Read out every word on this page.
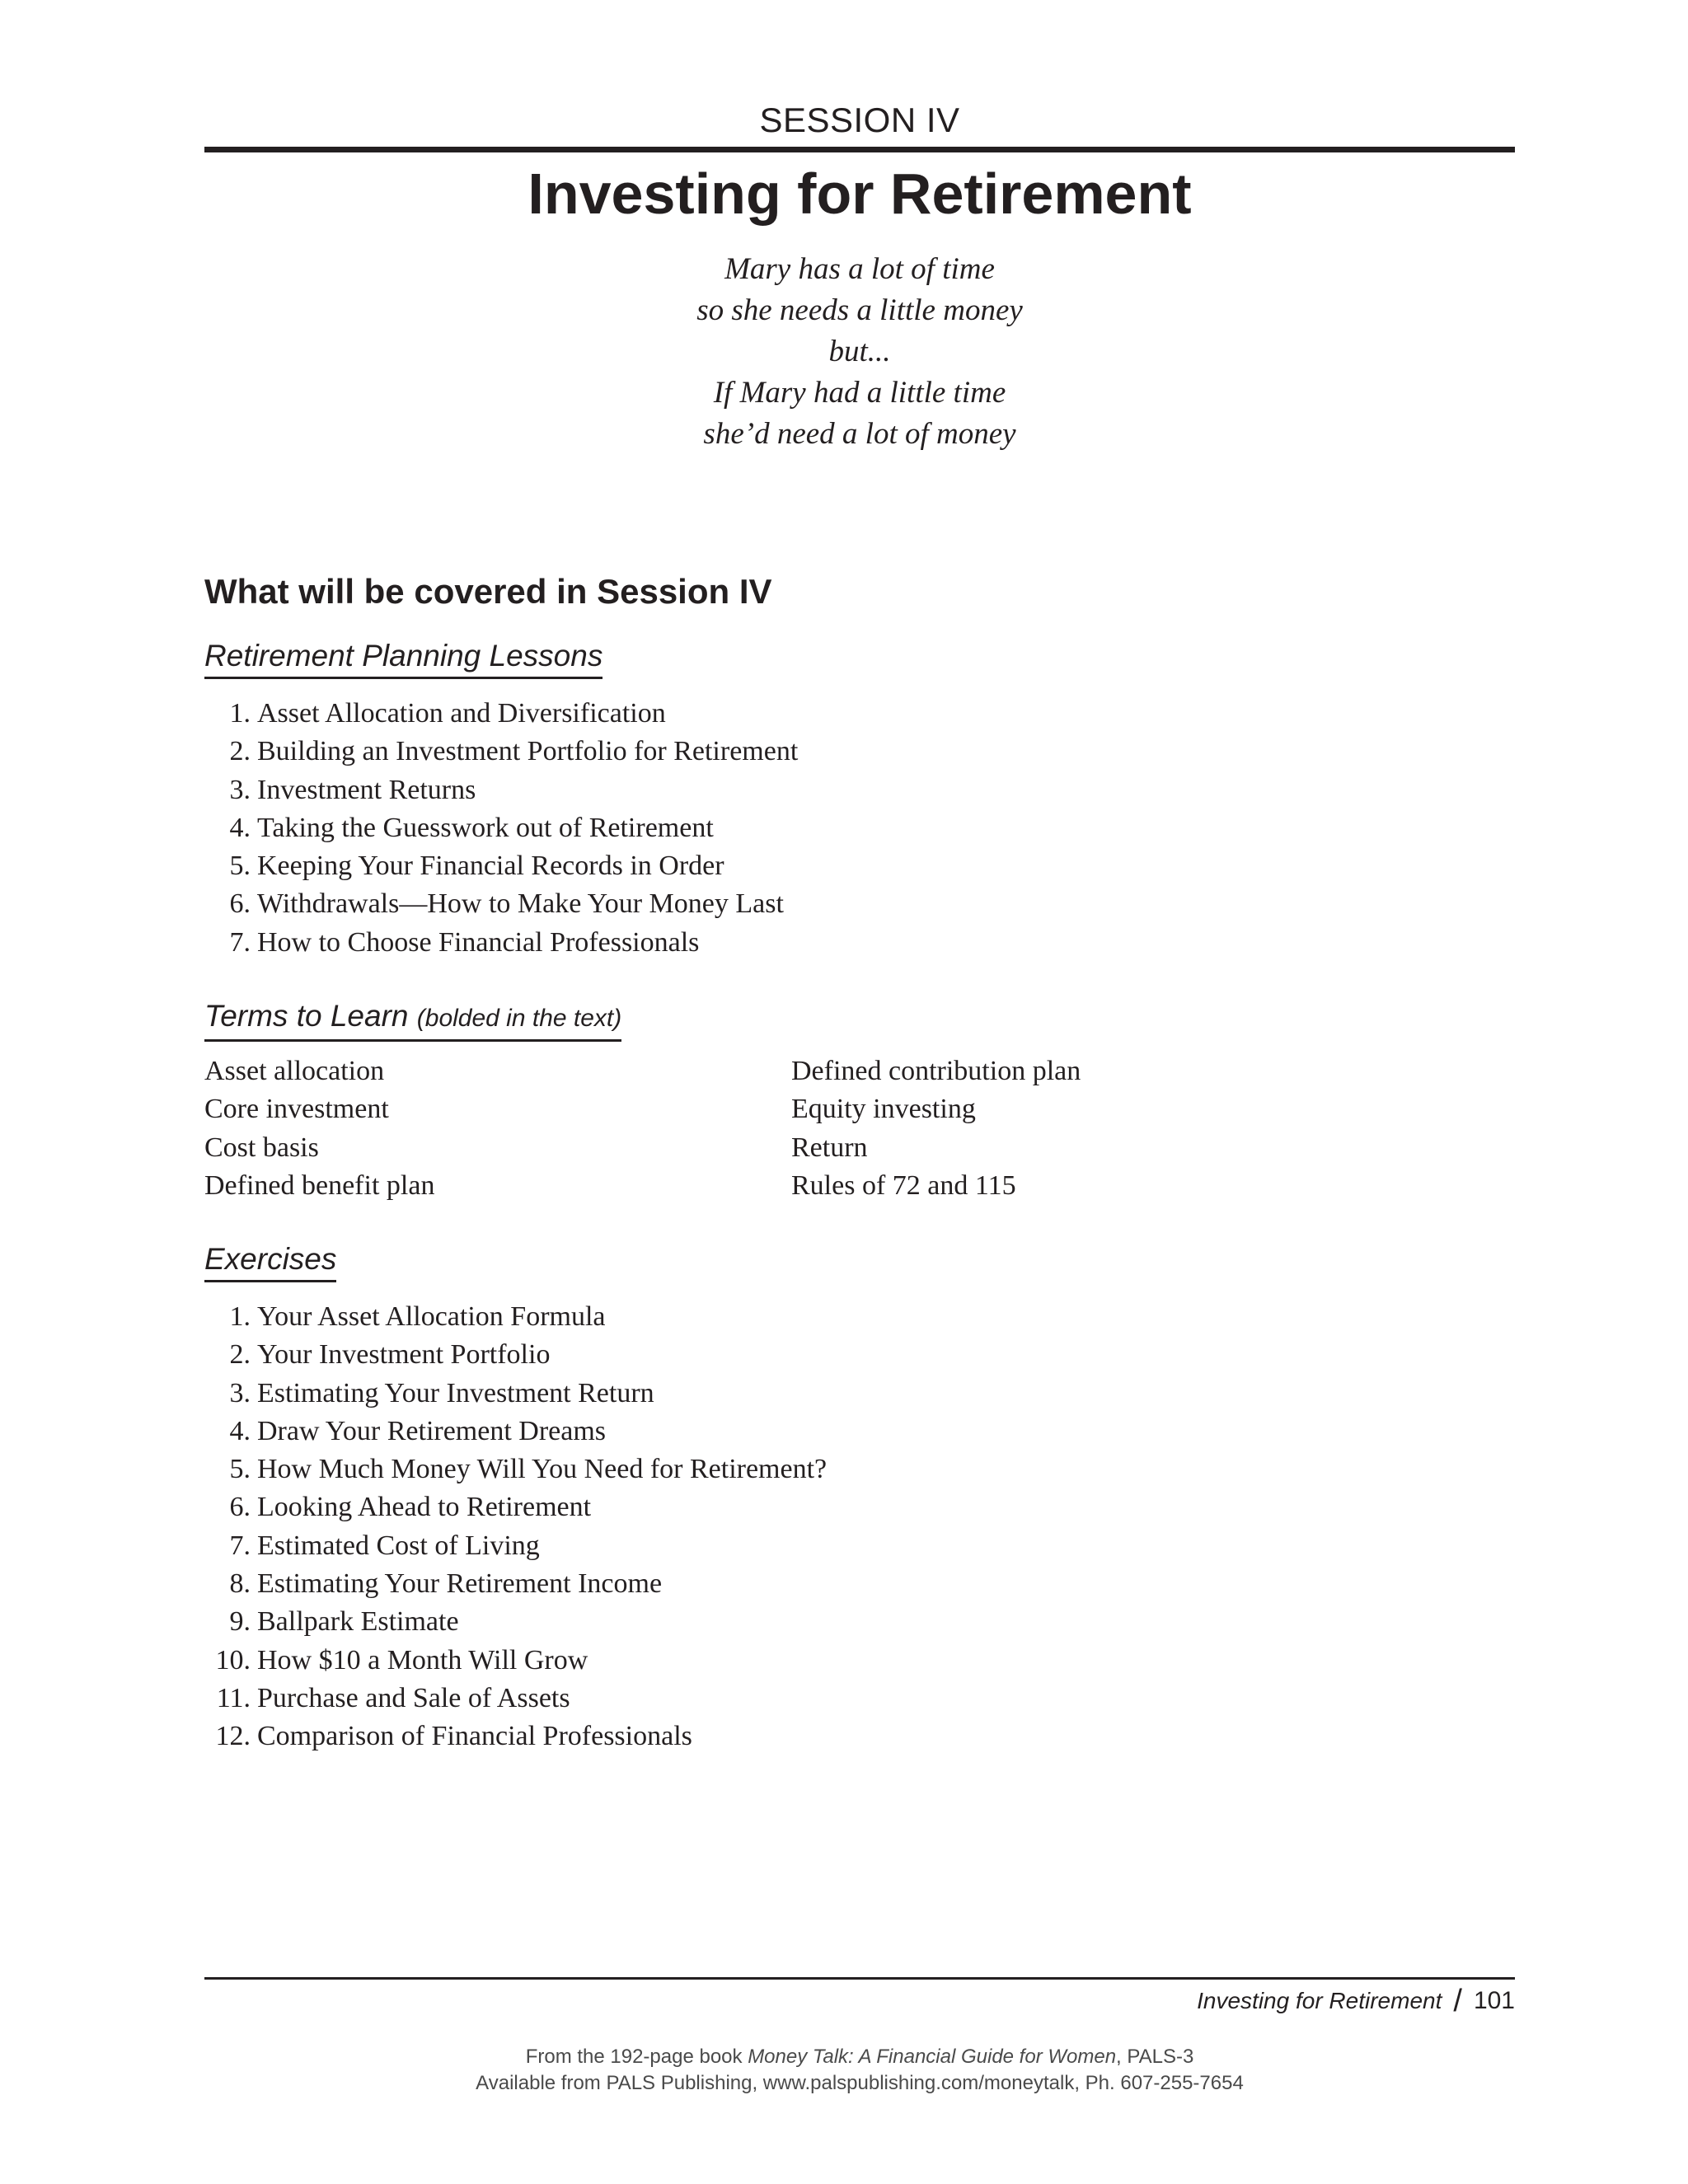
SESSION IV
Investing for Retirement
Mary has a lot of time
so she needs a little money
but...
If Mary had a little time
she’d need a lot of money
What will be covered in Session IV
Retirement Planning Lessons
1. Asset Allocation and Diversification
2. Building an Investment Portfolio for Retirement
3. Investment Returns
4. Taking the Guesswork out of Retirement
5. Keeping Your Financial Records in Order
6. Withdrawals—How to Make Your Money Last
7. How to Choose Financial Professionals
Terms to Learn (bolded in the text)
Asset allocation	Defined contribution plan
Core investment	Equity investing
Cost basis	Return
Defined benefit plan	Rules of 72 and 115
Exercises
1. Your Asset Allocation Formula
2. Your Investment Portfolio
3. Estimating Your Investment Return
4. Draw Your Retirement Dreams
5. How Much Money Will You Need for Retirement?
6. Looking Ahead to Retirement
7. Estimated Cost of Living
8. Estimating Your Retirement Income
9. Ballpark Estimate
10. How $10 a Month Will Grow
11. Purchase and Sale of Assets
12. Comparison of Financial Professionals
Investing for Retirement / 101
From the 192-page book Money Talk: A Financial Guide for Women, PALS-3
Available from PALS Publishing, www.palspublishing.com/moneytalk, Ph. 607-255-7654
